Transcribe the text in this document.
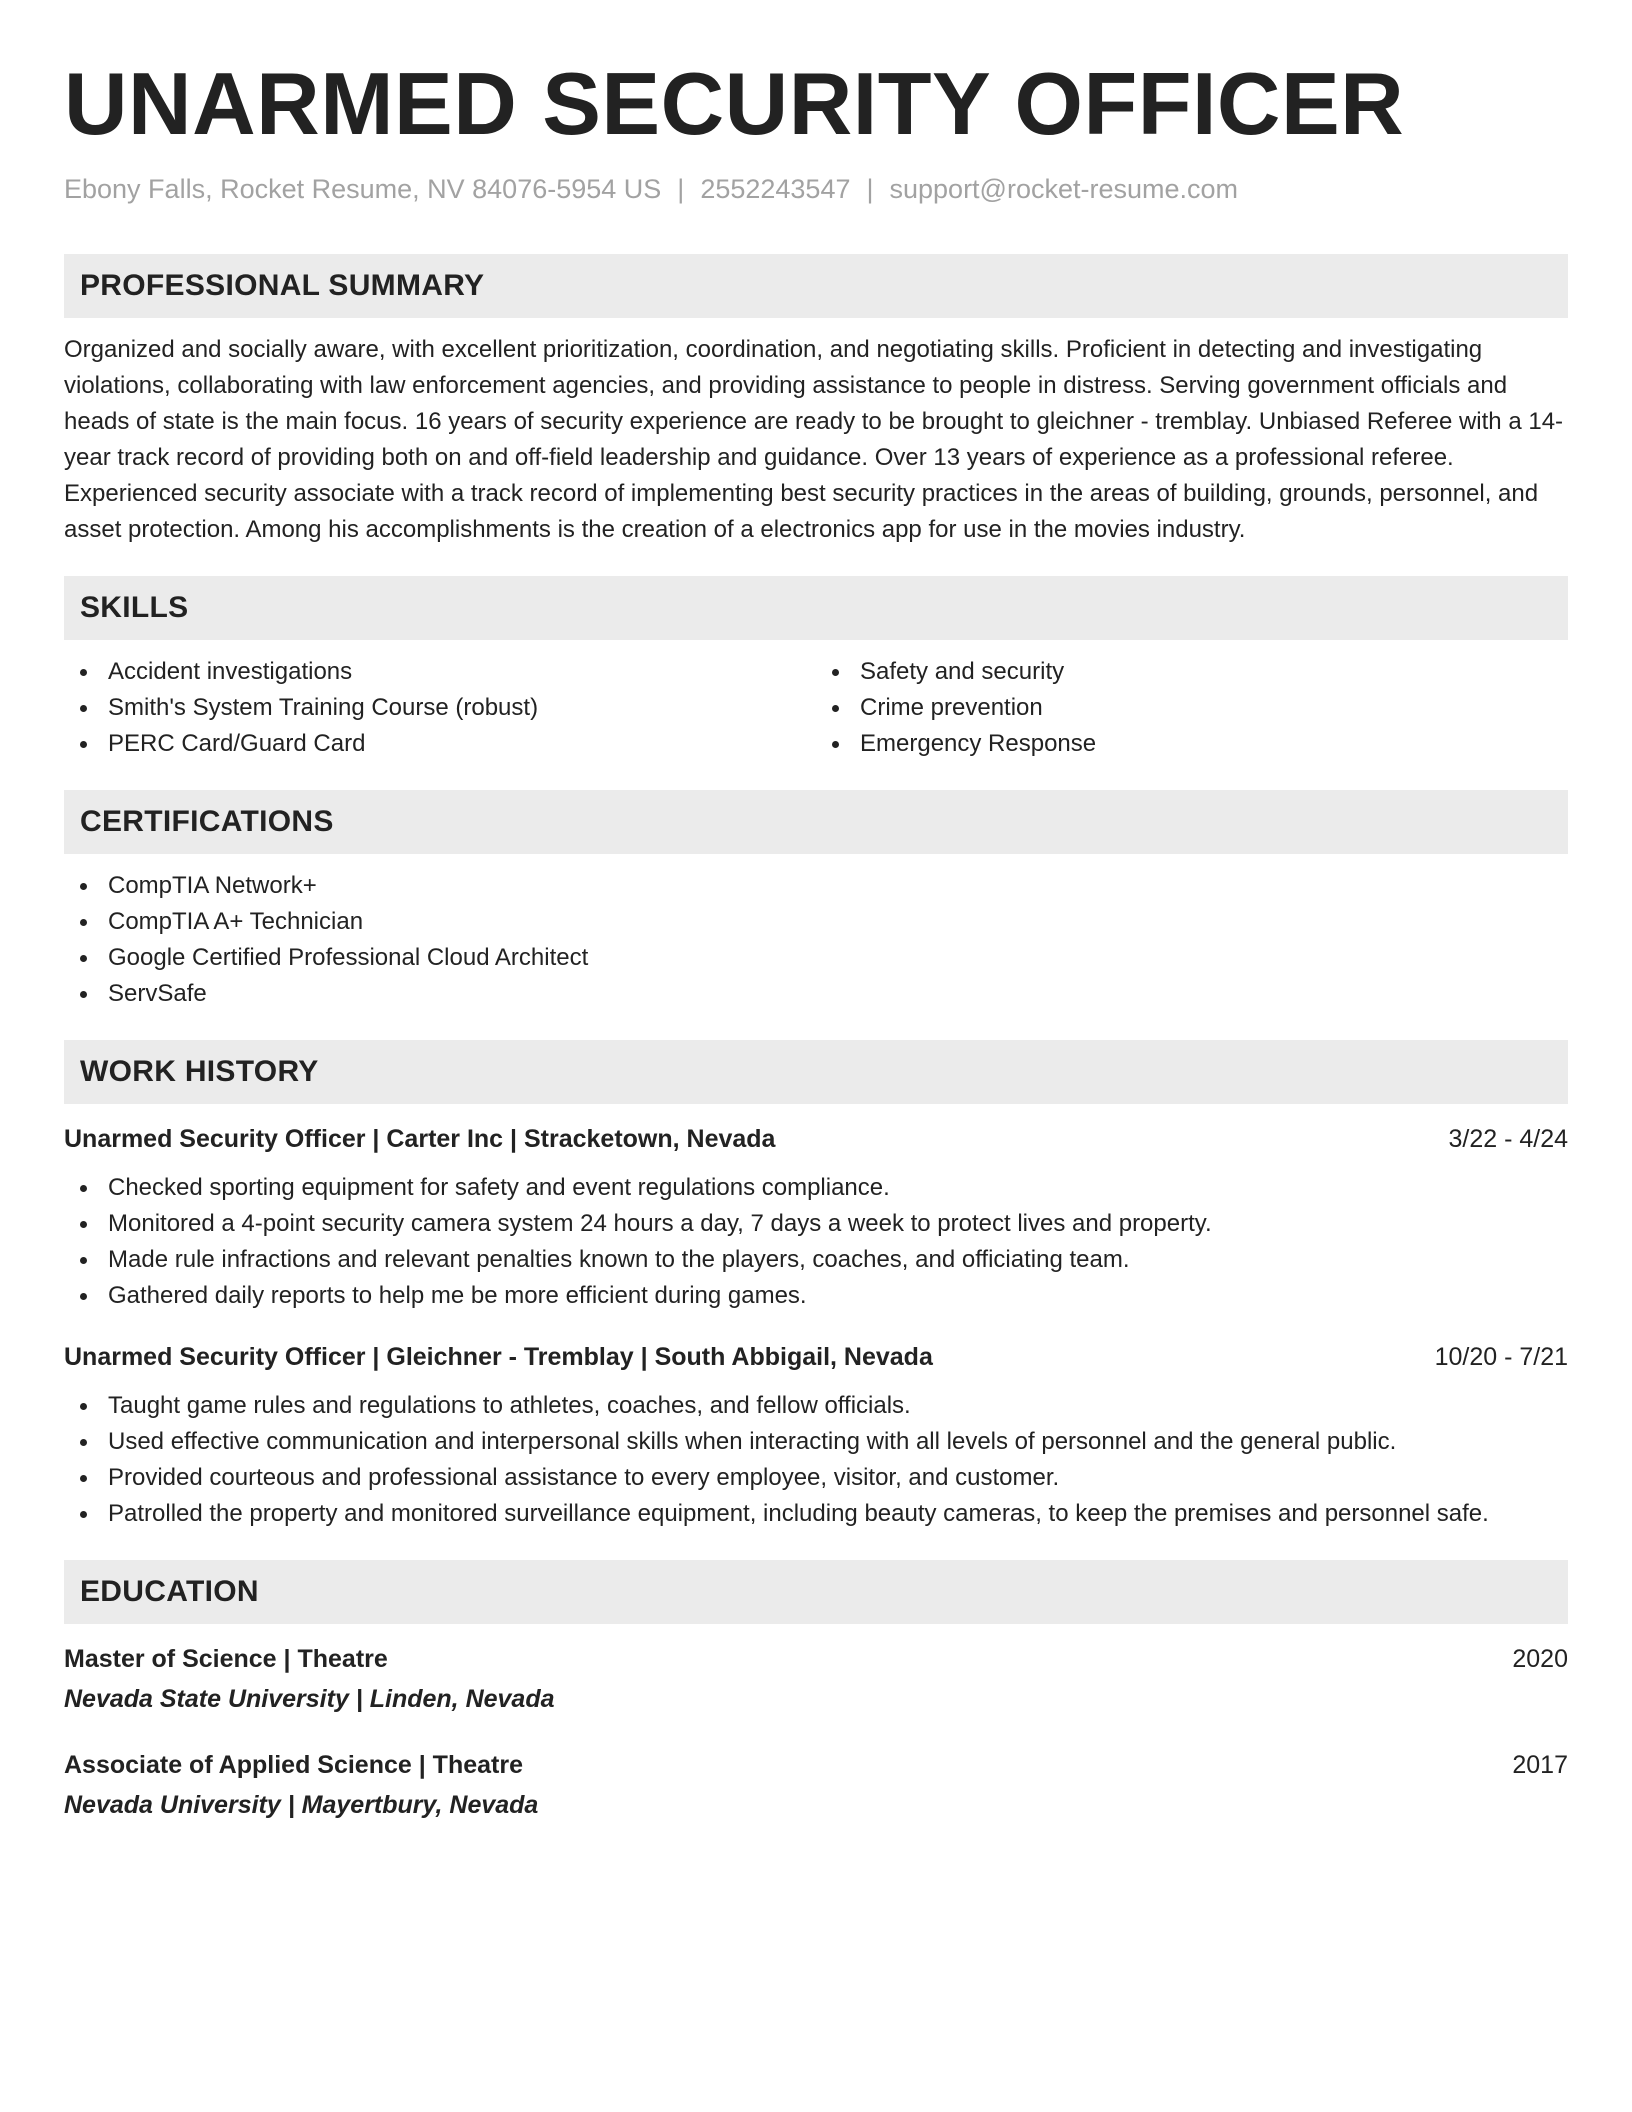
UNARMED SECURITY OFFICER
Ebony Falls, Rocket Resume, NV 84076-5954 US | 2552243547 | support@rocket-resume.com
PROFESSIONAL SUMMARY

Organized and socially aware, with excellent prioritization, coordination, and negotiating skills. Proficient in detecting and investigating violations, collaborating with law enforcement agencies, and providing assistance to people in distress. Serving government officials and heads of state is the main focus. 16 years of security experience are ready to be brought to gleichner - tremblay. Unbiased Referee with a 14-year track record of providing both on and off-field leadership and guidance. Over 13 years of experience as a professional referee. Experienced security associate with a track record of implementing best security practices in the areas of building, grounds, personnel, and asset protection. Among his accomplishments is the creation of a electronics app for use in the movies industry.

SKILLS
Accident investigations
Smith's System Training Course (robust)
PERC Card/Guard Card
Safety and security
Crime prevention
Emergency Response
CERTIFICATIONS
CompTIA Network+
CompTIA A+ Technician
Google Certified Professional Cloud Architect
ServSafe
WORK HISTORY
Unarmed Security Officer | Carter Inc | Stracketown, Nevada	3/22 - 4/24
Checked sporting equipment for safety and event regulations compliance.
Monitored a 4-point security camera system 24 hours a day, 7 days a week to protect lives and property.
Made rule infractions and relevant penalties known to the players, coaches, and officiating team.
Gathered daily reports to help me be more efficient during games.
Unarmed Security Officer | Gleichner - Tremblay | South Abbigail, Nevada	10/20 - 7/21
Taught game rules and regulations to athletes, coaches, and fellow officials.
Used effective communication and interpersonal skills when interacting with all levels of personnel and the general public.
Provided courteous and professional assistance to every employee, visitor, and customer.
Patrolled the property and monitored surveillance equipment, including beauty cameras, to keep the premises and personnel safe.
EDUCATION
Master of Science | Theatre	2020
Nevada State University | Linden, Nevada
Associate of Applied Science | Theatre	2017
Nevada University | Mayertbury, Nevada
